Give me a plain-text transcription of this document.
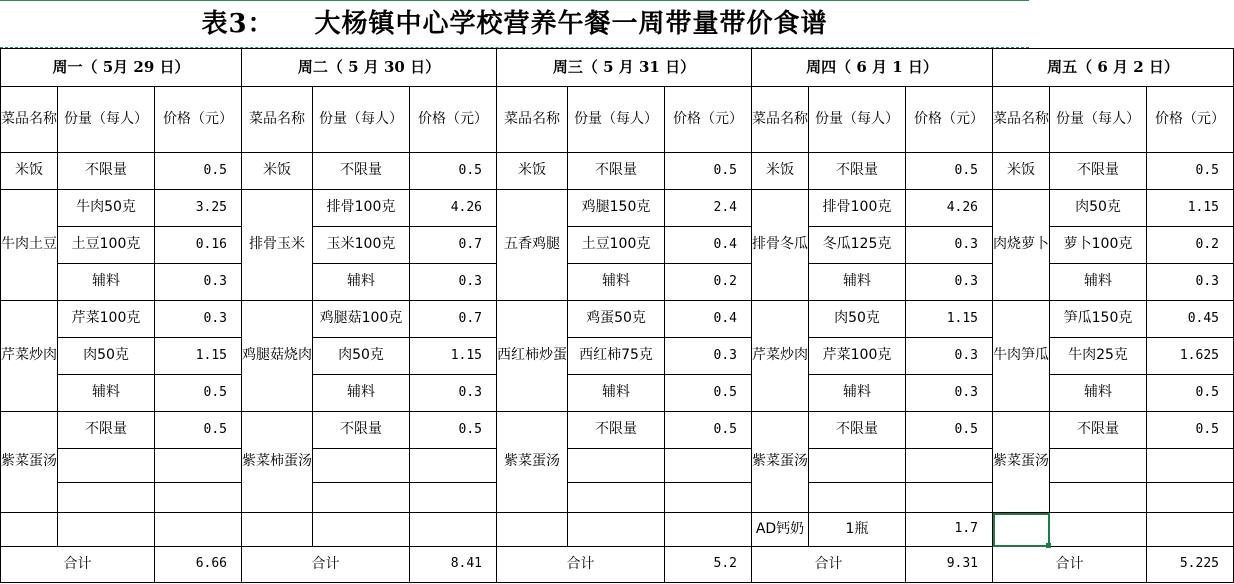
表3： 大杨镇中心学校营养午餐一周带量带价食谱
周一（ 5月 29 日）			周二（ 5 月 30 日）			周三（ 5 月 31 日）			周四（ 6 月 1 日）			周五（ 6 月 2 日）		
菜品名称	份量（每人）	价格（元）	菜品名称	份量（每人）	价格（元）	菜品名称	份量（每人）	价格（元）	菜品名称	份量（每人）	价格（元）	菜品名称	份量（每人）	价格（元）
米饭	不限量	0.5	米饭	不限量	0.5	米饭	不限量	0.5	米饭	不限量	0.5	米饭	不限量	0.5
牛肉土豆	牛肉50克	3.25	排骨玉米	排骨100克	4.26	五香鸡腿	鸡腿150克	2.4	排骨冬瓜	排骨100克	4.26	肉烧萝卜	肉50克	1.15
	土豆100克	0.16		玉米100克	0.7		土豆100克	0.4		冬瓜125克	0.3		萝卜100克	0.2
	辅料	0.3		辅料	0.3		辅料	0.2		辅料	0.3		辅料	0.3
芹菜炒肉	芹菜100克	0.3	鸡腿菇烧肉	鸡腿菇100克	0.7	西红柿炒蛋	鸡蛋50克	0.4	芹菜炒肉	肉50克	1.15	牛肉笋瓜	笋瓜150克	0.45
	肉50克	1.15		肉50克	1.15		西红柿75克	0.3		芹菜100克	0.3		牛肉25克	1.625
	辅料	0.5		辅料	0.3		辅料	0.5		辅料	0.3		辅料	0.5
紫菜蛋汤	不限量	0.5	紫菜柿蛋汤	不限量	0.5	紫菜蛋汤	不限量	0.5	紫菜蛋汤	不限量	0.5	紫菜蛋汤	不限量	0.5

									AD钙奶	1瓶	1.7	

合计		6.66	合计		8.41	合计		5.2	合计		9.31	合计		5.225
